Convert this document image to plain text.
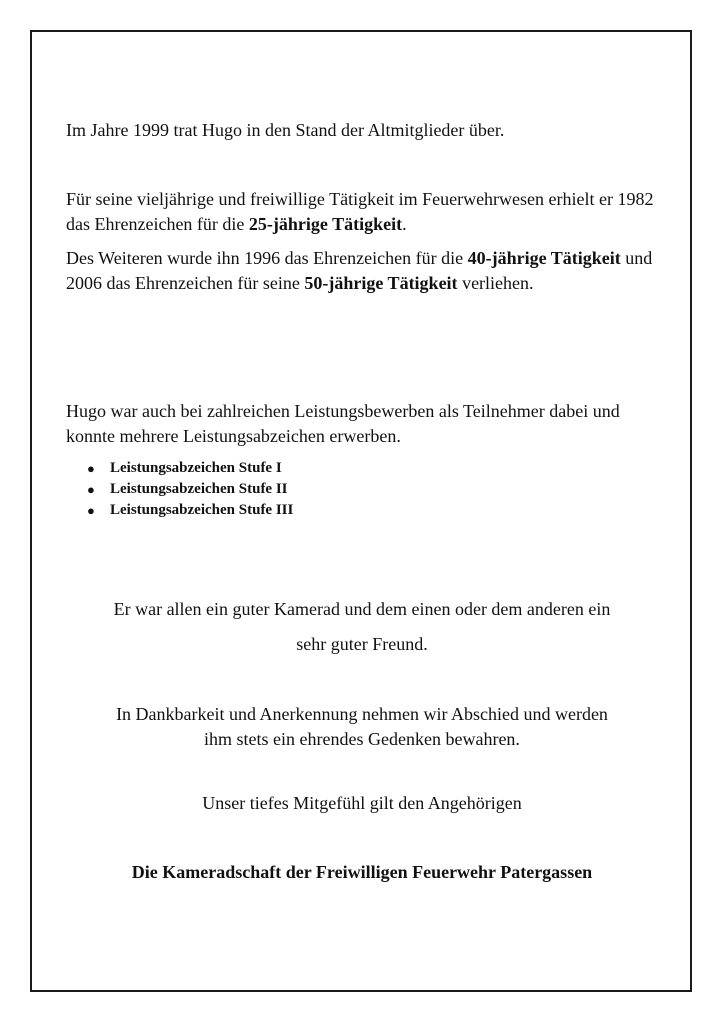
Im Jahre 1999 trat Hugo in den Stand der Altmitglieder über.

Für seine vieljährige und freiwillige Tätigkeit im Feuerwehrwesen erhielt er 1982 das Ehrenzeichen für die 25-jährige Tätigkeit.

Des Weiteren wurde ihn 1996 das Ehrenzeichen für die 40-jährige Tätigkeit und 2006 das Ehrenzeichen für seine 50-jährige Tätigkeit verliehen.

Hugo war auch bei zahlreichen Leistungsbewerben als Teilnehmer dabei und konnte mehrere Leistungsabzeichen erwerben.

● Leistungsabzeichen Stufe I
● Leistungsabzeichen Stufe II
● Leistungsabzeichen Stufe III

Er war allen ein guter Kamerad und dem einen oder dem anderen ein

sehr guter Freund.

In Dankbarkeit und Anerkennung nehmen wir Abschied und werden

ihm stets ein ehrendes Gedenken bewahren.

Unser tiefes Mitgefühl gilt den Angehörigen

Die Kameradschaft der Freiwilligen Feuerwehr Patergassen
